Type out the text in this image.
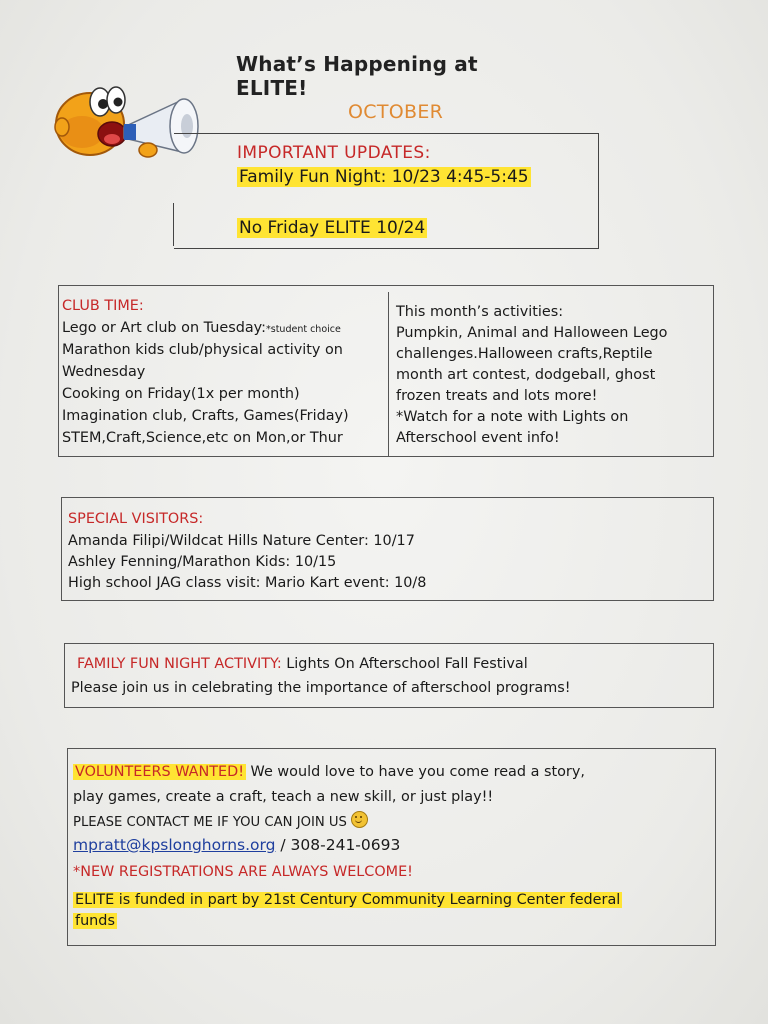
What’s Happening at ELITE!
OCTOBER
IMPORTANT UPDATES:
Family Fun Night: 10/23 4:45-5:45
No Friday ELITE 10/24
CLUB TIME:
Lego or Art club on Tuesday:*student choice
Marathon kids club/physical activity on
Wednesday
Cooking on Friday(1x per month)
Imagination club, Crafts, Games(Friday)
STEM,Craft,Science,etc on Mon,or Thur
This month’s activities:
Pumpkin, Animal and Halloween Lego
challenges.Halloween crafts,Reptile
month art contest, dodgeball, ghost
frozen treats and lots more!
*Watch for a note with Lights on
Afterschool event info!
SPECIAL VISITORS:
Amanda Filipi/Wildcat Hills Nature Center: 10/17
Ashley Fenning/Marathon Kids: 10/15
High school JAG class visit: Mario Kart event: 10/8
FAMILY FUN NIGHT ACTIVITY: Lights On Afterschool Fall Festival
Please join us in celebrating the importance of afterschool programs!
VOLUNTEERS WANTED! We would love to have you come read a story,
play games, create a craft, teach a new skill, or just play!!
PLEASE CONTACT ME IF YOU CAN JOIN US
mpratt@kpslonghorns.org / 308-241-0693
*NEW REGISTRATIONS ARE ALWAYS WELCOME!
ELITE is funded in part by 21st Century Community Learning Center federal
funds
